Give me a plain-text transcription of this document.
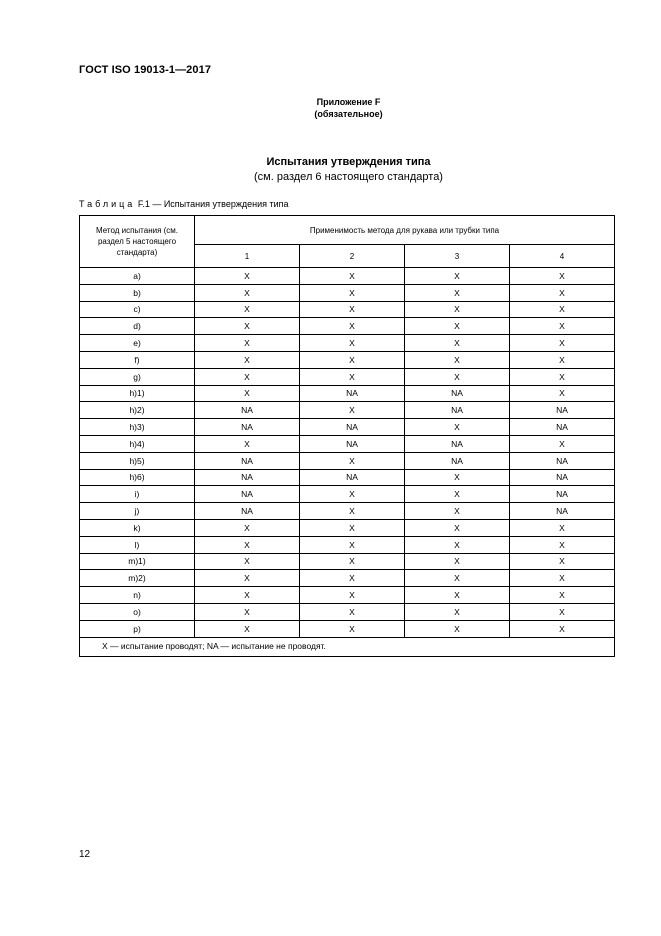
ГОСТ ISO 19013-1—2017
Приложение F
(обязательное)
Испытания утверждения типа
(см. раздел 6 настоящего стандарта)
Таблица F.1 — Испытания утверждения типа
Метод испытания (см. раздел 5 настоящего стандарта)	Применимость метода для рукава или трубки типа			
	1	2	3	4
a)	X	X	X	X
b)	X	X	X	X
c)	X	X	X	X
d)	X	X	X	X
e)	X	X	X	X
f)	X	X	X	X
g)	X	X	X	X
h)1)	X	NA	NA	X
h)2)	NA	X	NA	NA
h)3)	NA	NA	X	NA
h)4)	X	NA	NA	X
h)5)	NA	X	NA	NA
h)6)	NA	NA	X	NA
i)	NA	X	X	NA
j)	NA	X	X	NA
k)	X	X	X	X
l)	X	X	X	X
m)1)	X	X	X	X
m)2)	X	X	X	X
n)	X	X	X	X
o)	X	X	X	X
p)	X	X	X	X
X — испытание проводят; NA — испытание не проводят.				
12
